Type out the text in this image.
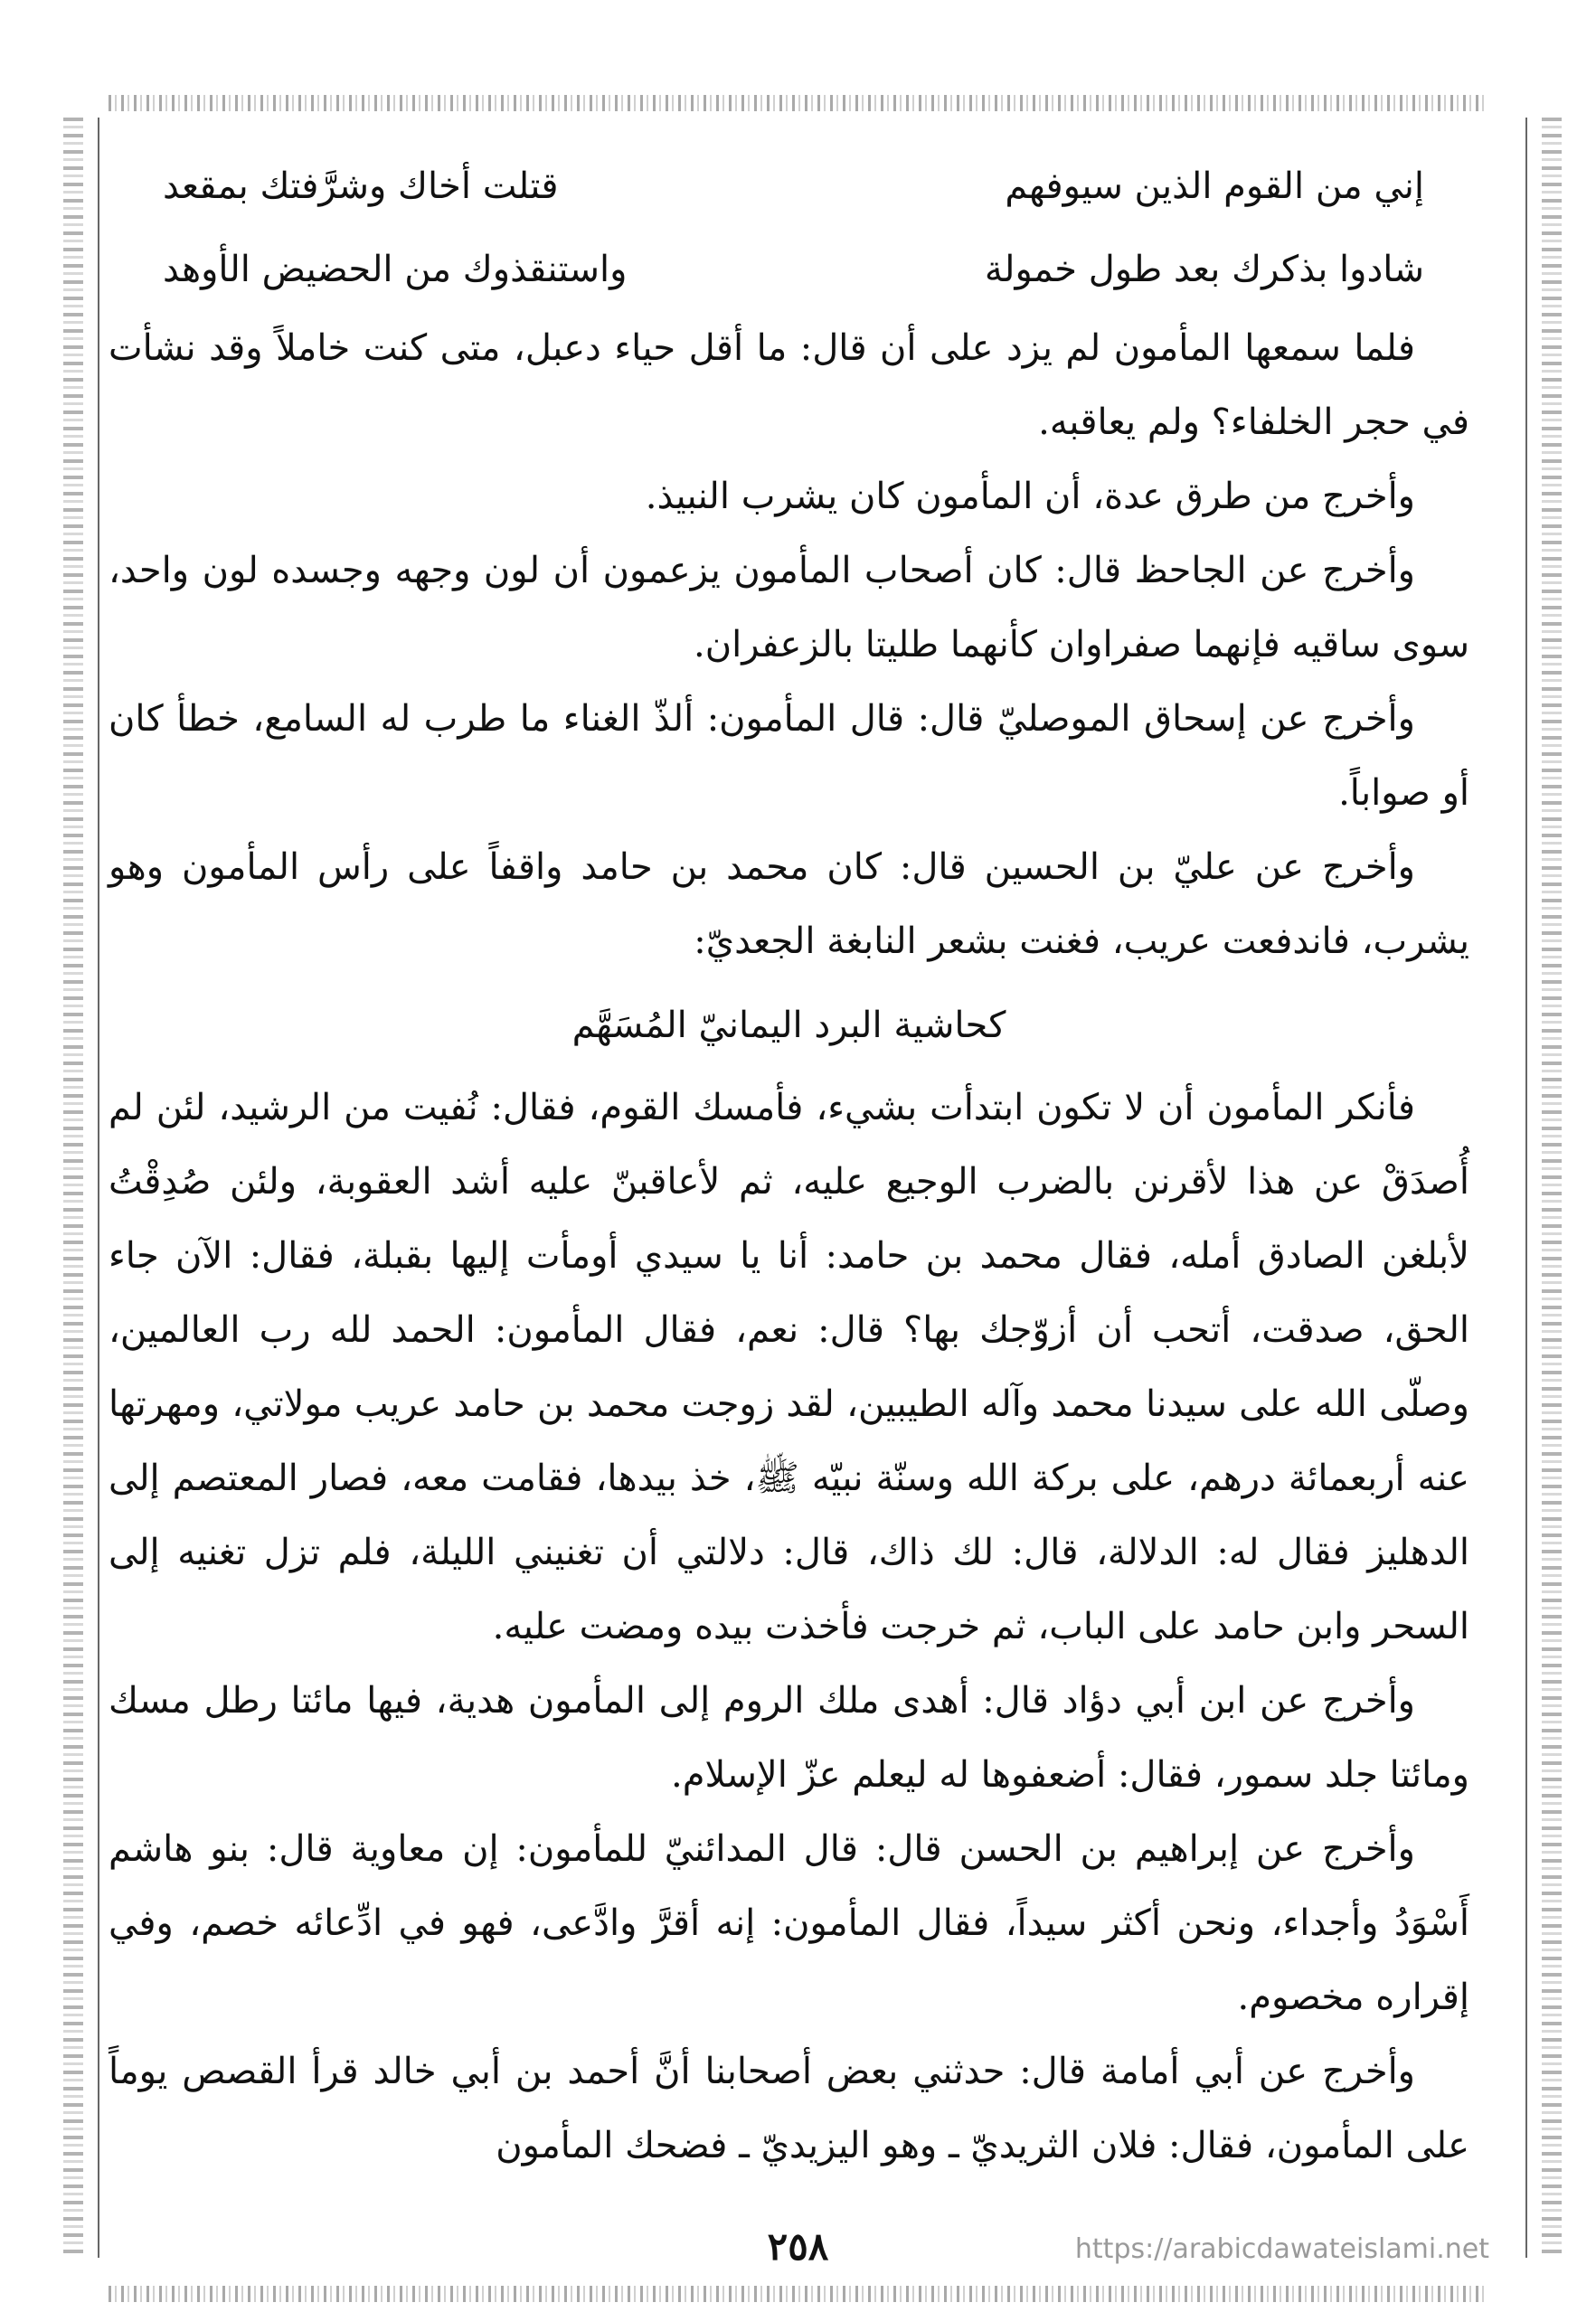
إني من القوم الذين سيوفهم
قتلت أخاك وشرَّفتك بمقعد
شادوا بذكرك بعد طول خمولة
واستنقذوك من الحضيض الأوهد

فلما سمعها المأمون لم يزد على أن قال: ما أقل حياء دعبل، متى كنت خاملاً وقد نشأت في حجر الخلفاء؟ ولم يعاقبه.

وأخرج من طرق عدة، أن المأمون كان يشرب النبيذ.

وأخرج عن الجاحظ قال: كان أصحاب المأمون يزعمون أن لون وجهه وجسده لون واحد، سوى ساقيه فإنهما صفراوان كأنهما طليتا بالزعفران.

وأخرج عن إسحاق الموصليّ قال: قال المأمون: ألذّ الغناء ما طرب له السامع، خطأ كان أو صواباً.

وأخرج عن عليّ بن الحسين قال: كان محمد بن حامد واقفاً على رأس المأمون وهو يشرب، فاندفعت عريب، فغنت بشعر النابغة الجعديّ:

كحاشية البرد اليمانيّ المُسَهَّم

فأنكر المأمون أن لا تكون ابتدأت بشيء، فأمسك القوم، فقال: نُفيت من الرشيد، لئن لم أُصدَقْ عن هذا لأقرنن بالضرب الوجيع عليه، ثم لأعاقبنّ عليه أشد العقوبة، ولئن صُدِقْتُ لأبلغن الصادق أمله، فقال محمد بن حامد: أنا يا سيدي أومأت إليها بقبلة، فقال: الآن جاء الحق، صدقت، أتحب أن أزوّجك بها؟ قال: نعم، فقال المأمون: الحمد لله رب العالمين، وصلّى الله على سيدنا محمد وآله الطيبين، لقد زوجت محمد بن حامد عريب مولاتي، ومهرتها عنه أربعمائة درهم، على بركة الله وسنّة نبيّه ﷺ، خذ بيدها، فقامت معه، فصار المعتصم إلى الدهليز فقال له: الدلالة، قال: لك ذاك، قال: دلالتي أن تغنيني الليلة، فلم تزل تغنيه إلى السحر وابن حامد على الباب، ثم خرجت فأخذت بيده ومضت عليه.

وأخرج عن ابن أبي دؤاد قال: أهدى ملك الروم إلى المأمون هدية، فيها مائتا رطل مسك ومائتا جلد سمور، فقال: أضعفوها له ليعلم عزّ الإسلام.

وأخرج عن إبراهيم بن الحسن قال: قال المدائنيّ للمأمون: إن معاوية قال: بنو هاشم أَسْوَدُ وأجداء، ونحن أكثر سيداً، فقال المأمون: إنه أقرَّ وادَّعى، فهو في ادِّعائه خصم، وفي إقراره مخصوم.

وأخرج عن أبي أمامة قال: حدثني بعض أصحابنا أنَّ أحمد بن أبي خالد قرأ القصص يوماً على المأمون، فقال: فلان الثريديّ ـ وهو اليزيديّ ـ فضحك المأمون

٢٥٨	https://arabicdawateislami.net
